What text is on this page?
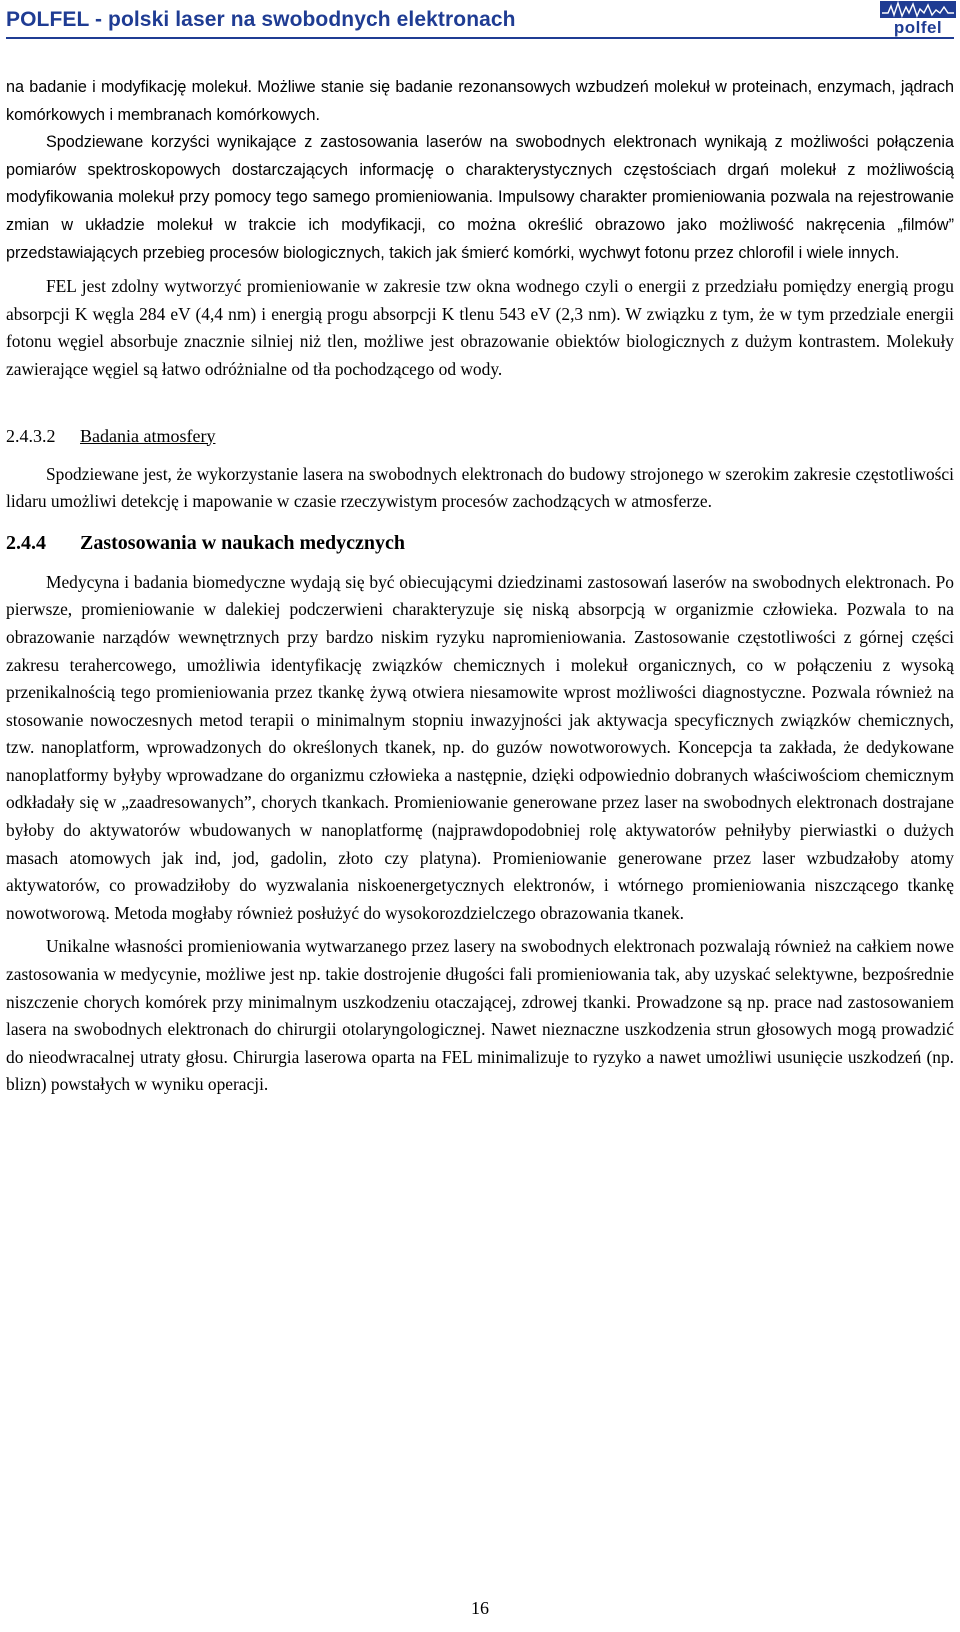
POLFEL - polski laser na swobodnych elektronach	polfel

na badanie i modyfikację molekuł. Możliwe stanie się badanie rezonansowych wzbudzeń molekuł w proteinach, enzymach, jądrach komórkowych i membranach komórkowych.

Spodziewane korzyści wynikające z zastosowania laserów na swobodnych elektronach wynikają z możliwości połączenia pomiarów spektroskopowych dostarczających informację o charakterystycznych częstościach drgań molekuł z możliwością modyfikowania molekuł przy pomocy tego samego promieniowania. Impulsowy charakter promieniowania pozwala na rejestrowanie zmian w układzie molekuł w trakcie ich modyfikacji, co można określić obrazowo jako możliwość nakręcenia „filmów” przedstawiających przebieg procesów biologicznych, takich jak śmierć komórki, wychwyt fotonu przez chlorofil i wiele innych.

FEL jest zdolny wytworzyć promieniowanie w zakresie tzw okna wodnego czyli o energii z przedziału pomiędzy energią progu absorpcji K węgla 284 eV (4,4 nm) i energią progu absorpcji K tlenu 543 eV (2,3 nm). W związku z tym, że w tym przedziale energii fotonu węgiel absorbuje znacznie silniej niż tlen, możliwe jest obrazowanie obiektów biologicznych z dużym kontrastem. Molekuły zawierające węgiel są łatwo odróżnialne od tła pochodzącego od wody.

2.4.3.2 Badania atmosfery

Spodziewane jest, że wykorzystanie lasera na swobodnych elektronach do budowy strojonego w szerokim zakresie częstotliwości lidaru umożliwi detekcję i mapowanie w czasie rzeczywistym procesów zachodzących w atmosferze.

2.4.4 Zastosowania w naukach medycznych

Medycyna i badania biomedyczne wydają się być obiecującymi dziedzinami zastosowań laserów na swobodnych elektronach. Po pierwsze, promieniowanie w dalekiej podczerwieni charakteryzuje się niską absorpcją w organizmie człowieka. Pozwala to na obrazowanie narządów wewnętrznych przy bardzo niskim ryzyku napromieniowania. Zastosowanie częstotliwości z górnej części zakresu terahercowego, umożliwia identyfikację związków chemicznych i molekuł organicznych, co w połączeniu z wysoką przenikalnością tego promieniowania przez tkankę żywą otwiera niesamowite wprost możliwości diagnostyczne. Pozwala również na stosowanie nowoczesnych metod terapii o minimalnym stopniu inwazyjności jak aktywacja specyficznych związków chemicznych, tzw. nanoplatform, wprowadzonych do określonych tkanek, np. do guzów nowotworowych. Koncepcja ta zakłada, że dedykowane nanoplatformy byłyby wprowadzane do organizmu człowieka a następnie, dzięki odpowiednio dobranych właściwościom chemicznym odkładały się w „zaadresowanych”, chorych tkankach. Promieniowanie generowane przez laser na swobodnych elektronach dostrajane byłoby do aktywatorów wbudowanych w nanoplatformę (najprawdopodobniej rolę aktywatorów pełniłyby pierwiastki o dużych masach atomowych jak ind, jod, gadolin, złoto czy platyna). Promieniowanie generowane przez laser wzbudzałoby atomy aktywatorów, co prowadziłoby do wyzwalania niskoenergetycznych elektronów, i wtórnego promieniowania niszczącego tkankę nowotworową. Metoda mogłaby również posłużyć do wysokorozdzielczego obrazowania tkanek.

Unikalne własności promieniowania wytwarzanego przez lasery na swobodnych elektronach pozwalają również na całkiem nowe zastosowania w medycynie, możliwe jest np. takie dostrojenie długości fali promieniowania tak, aby uzyskać selektywne, bezpośrednie niszczenie chorych komórek przy minimalnym uszkodzeniu otaczającej, zdrowej tkanki. Prowadzone są np. prace nad zastosowaniem lasera na swobodnych elektronach do chirurgii otolaryngologicznej. Nawet nieznaczne uszkodzenia strun głosowych mogą prowadzić do nieodwracalnej utraty głosu. Chirurgia laserowa oparta na FEL minimalizuje to ryzyko a nawet umożliwi usunięcie uszkodzeń (np. blizn) powstałych w wyniku operacji.

16
